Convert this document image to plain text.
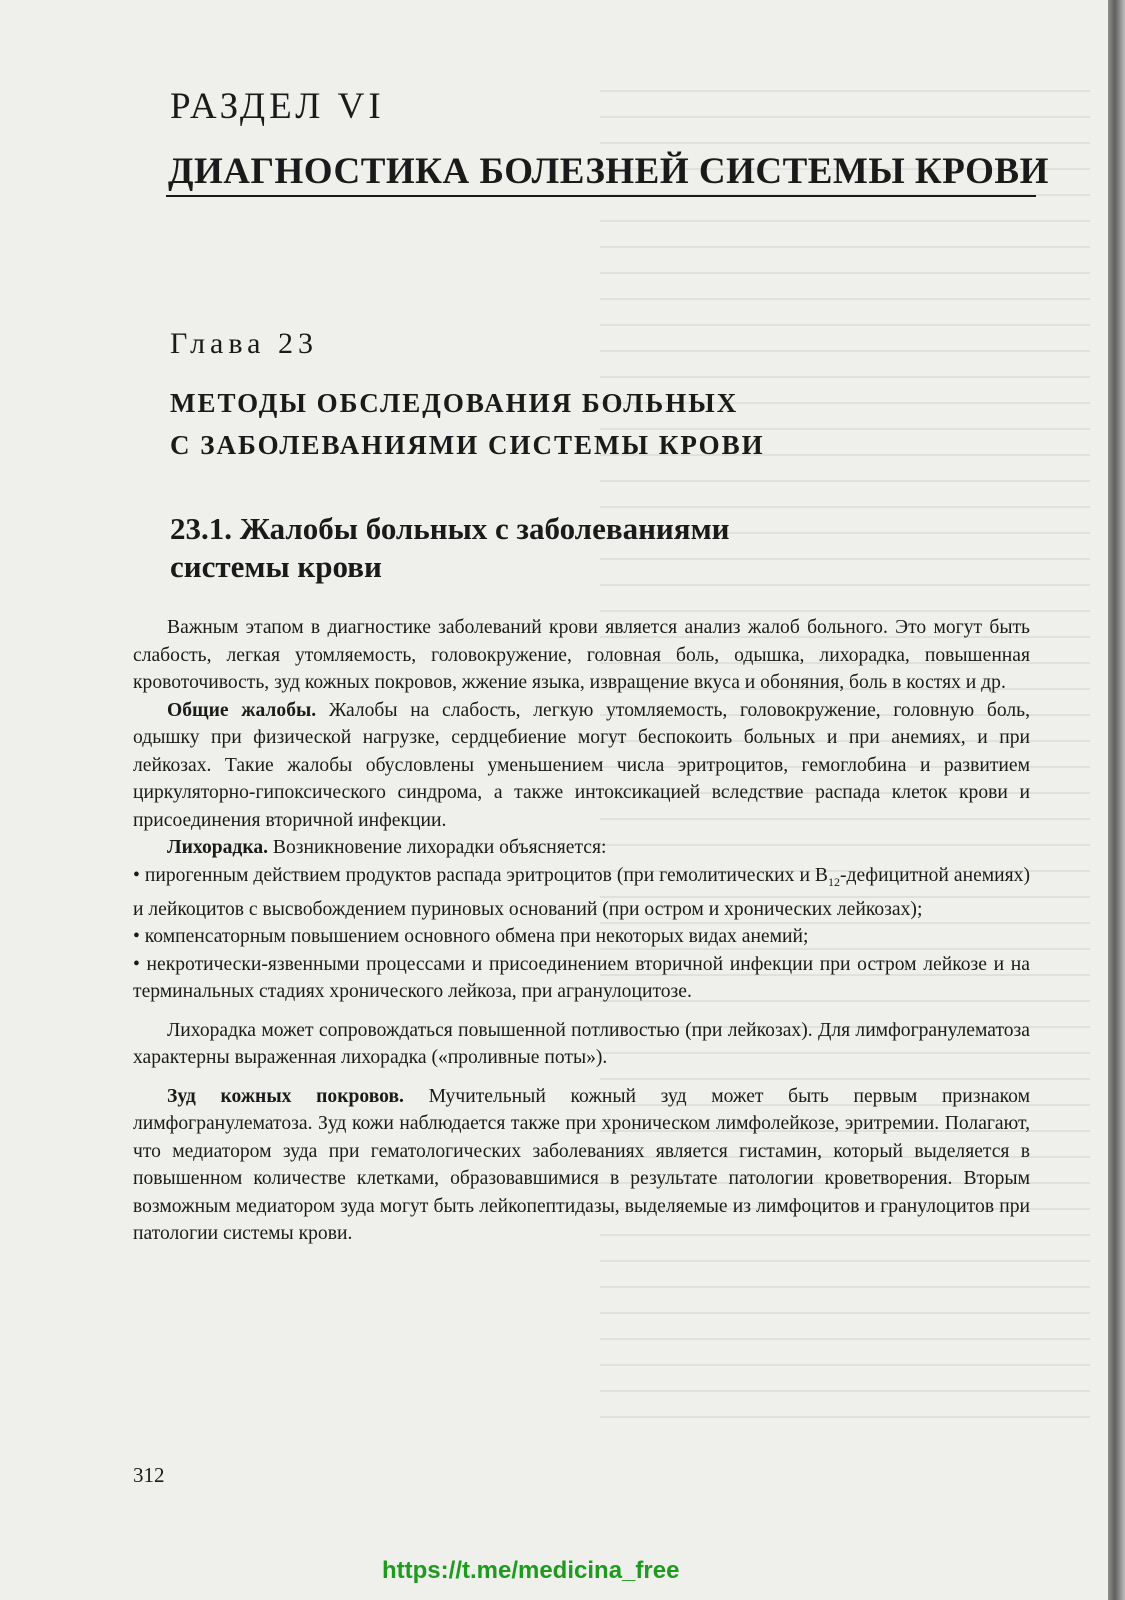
РАЗДЕЛ VI
ДИАГНОСТИКА БОЛЕЗНЕЙ СИСТЕМЫ КРОВИ
Глава 23
МЕТОДЫ ОБСЛЕДОВАНИЯ БОЛЬНЫХ
С ЗАБОЛЕВАНИЯМИ СИСТЕМЫ КРОВИ
23.1. Жалобы больных с заболеваниями
системы крови

Важным этапом в диагностике заболеваний крови является анализ жалоб больного. Это могут быть слабость, легкая утомляемость, головокружение, головная боль, одышка, лихорадка, повышенная кровоточивость, зуд кожных покровов, жжение языка, извращение вкуса и обоняния, боль в костях и др.

Общие жалобы. Жалобы на слабость, легкую утомляемость, головокружение, головную боль, одышку при физической нагрузке, сердцебиение могут беспокоить больных и при анемиях, и при лейкозах. Такие жалобы обусловлены уменьшением числа эритроцитов, гемоглобина и развитием циркуляторно-гипоксического синдрома, а также интоксикацией вследствие распада клеток крови и присоединения вторичной инфекции.

Лихорадка. Возникновение лихорадки объясняется:

• пирогенным действием продуктов распада эритроцитов (при гемолитических и $В_{12}$-дефицитной анемиях) и лейкоцитов с высвобождением пуриновых оснований (при остром и хронических лейкозах);

• компенсаторным повышением основного обмена при некоторых видах анемий;

• некротически-язвенными процессами и присоединением вторичной инфекции при остром лейкозе и на терминальных стадиях хронического лейкоза, при агранулоцитозе.

Лихорадка может сопровождаться повышенной потливостью (при лейкозах). Для лимфогранулематоза характерны выраженная лихорадка («проливные поты»).

Зуд кожных покровов. Мучительный кожный зуд может быть первым признаком лимфогранулематоза. Зуд кожи наблюдается также при хроническом лимфолейкозе, эритремии. Полагают, что медиатором зуда при гематологических заболеваниях является гистамин, который выделяется в повышенном количестве клетками, образовавшимися в результате патологии кроветворения. Вторым возможным медиатором зуда могут быть лейкопептидазы, выделяемые из лимфоцитов и гранулоцитов при патологии системы крови.

312
https://t.me/medicina_free
